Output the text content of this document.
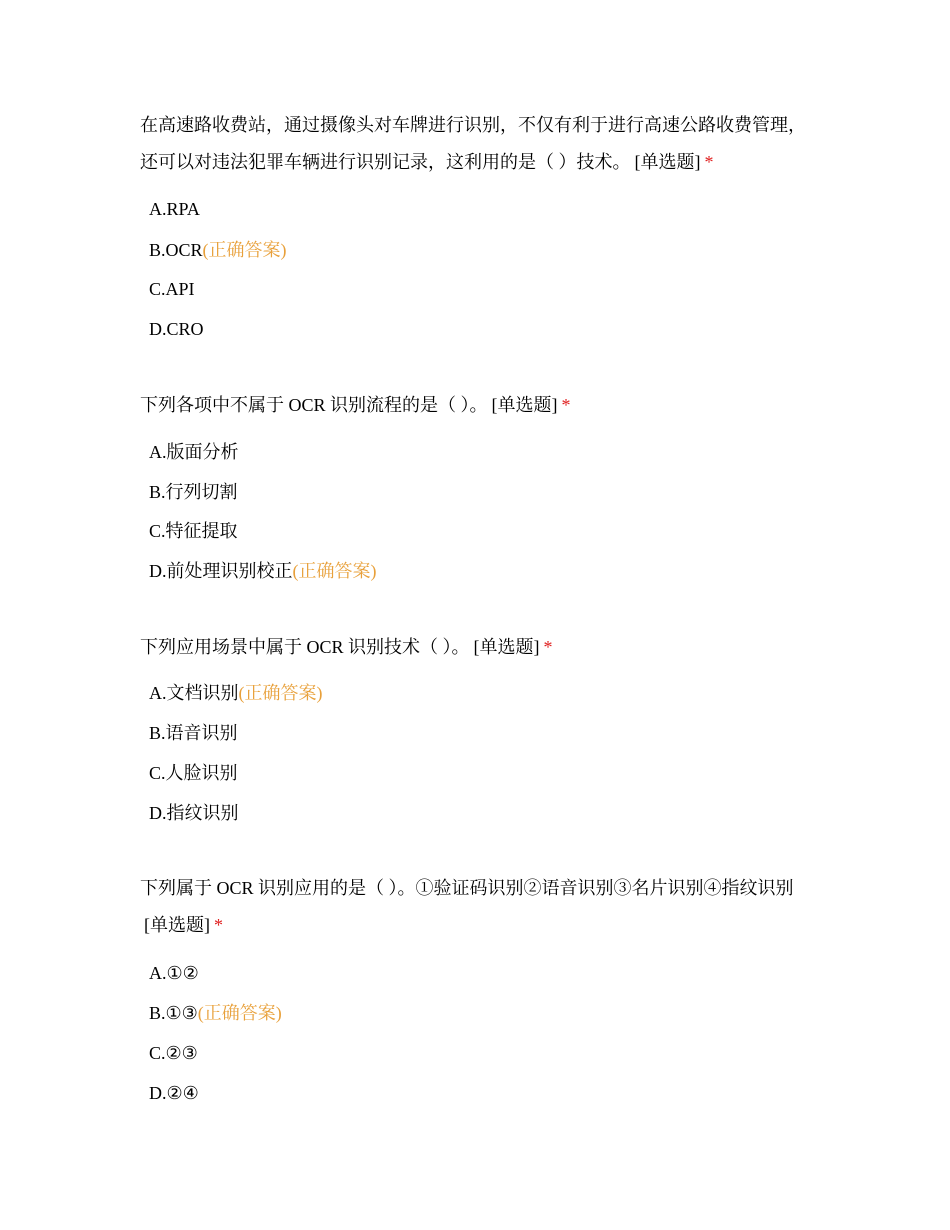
在高速路收费站，通过摄像头对车牌进行识别，不仅有利于进行高速公路收费管理，还可以对违法犯罪车辆进行识别记录，这利用的是（ ）技术。 [单选题] *

A.RPA
B.OCR(正确答案)
C.API
D.CRO

下列各项中不属于 OCR 识别流程的是（ ）。 [单选题] *

A.版面分析
B.行列切割
C.特征提取
D.前处理识别校正(正确答案)

下列应用场景中属于 OCR 识别技术（ ）。 [单选题] *

A.文档识别(正确答案)
B.语音识别
C.人脸识别
D.指纹识别

下列属于 OCR 识别应用的是（ ）。①验证码识别②语音识别③名片识别④指纹识别[单选题] *

A.①②
B.①③(正确答案)
C.②③
D.②④
